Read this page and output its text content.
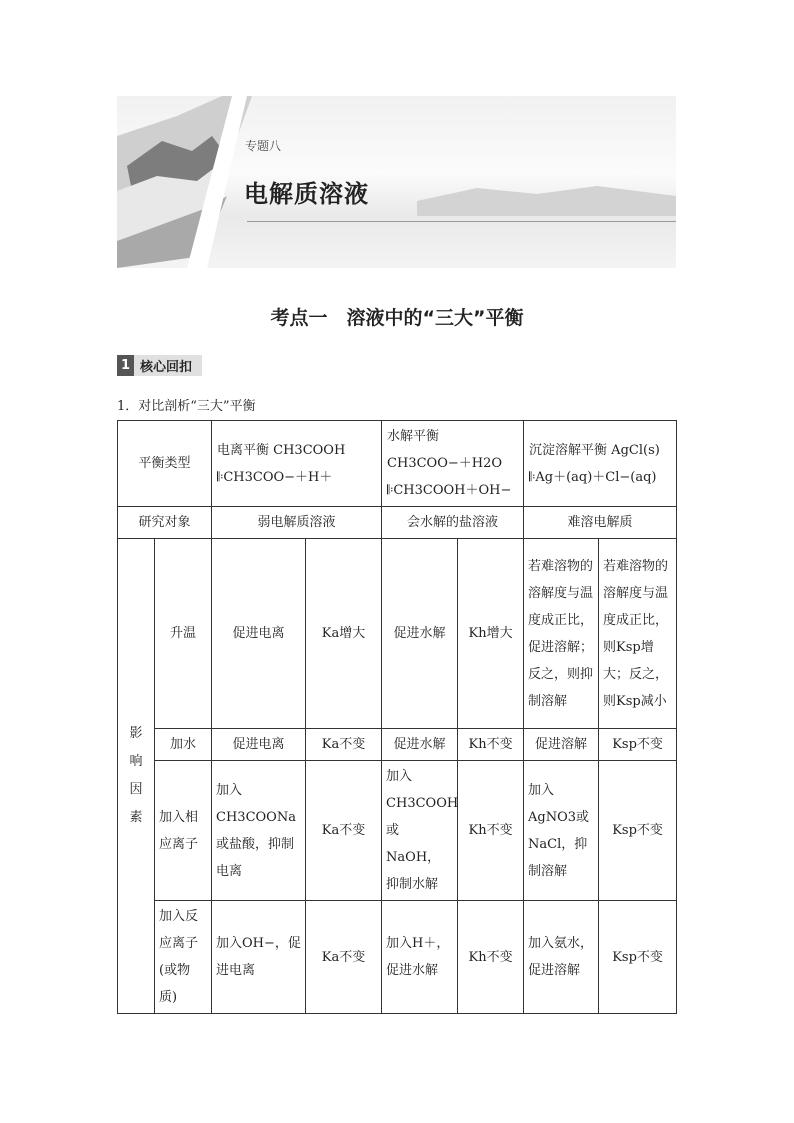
专题八
电解质溶液
考点一　溶液中的“三大”平衡
1 核心回扣
1．对比剖析“三大”平衡
平衡类型		电离平衡 CH3COOH 𝄆CH3COO−＋H＋		水解平衡 CH3COO−＋H2O 𝄆CH3COOH＋OH−		沉淀溶解平衡 AgCl(s) 𝄆Ag＋(aq)＋Cl−(aq)	
研究对象		弱电解质溶液		会水解的盐溶液		难溶电解质	

影响因素	升温	促进电离	Ka增大	促进水解	Kh增大	若难溶物的溶解度与温度成正比，促进溶解；反之，则抑制溶解	若难溶物的溶解度与温度成正比，则Ksp增大；反之，则Ksp减小
	加水	促进电离	Ka不变	促进水解	Kh不变	促进溶解	Ksp不变
	加入相应离子	加入CH3COONa或盐酸，抑制电离	Ka不变	加入CH3COOH或NaOH，抑制水解	Kh不变	加入AgNO3或NaCl，抑制溶解	Ksp不变
	加入反应离子(或物质)	加入OH−，促进电离	Ka不变	加入H＋，促进水解	Kh不变	加入氨水，促进溶解	Ksp不变
